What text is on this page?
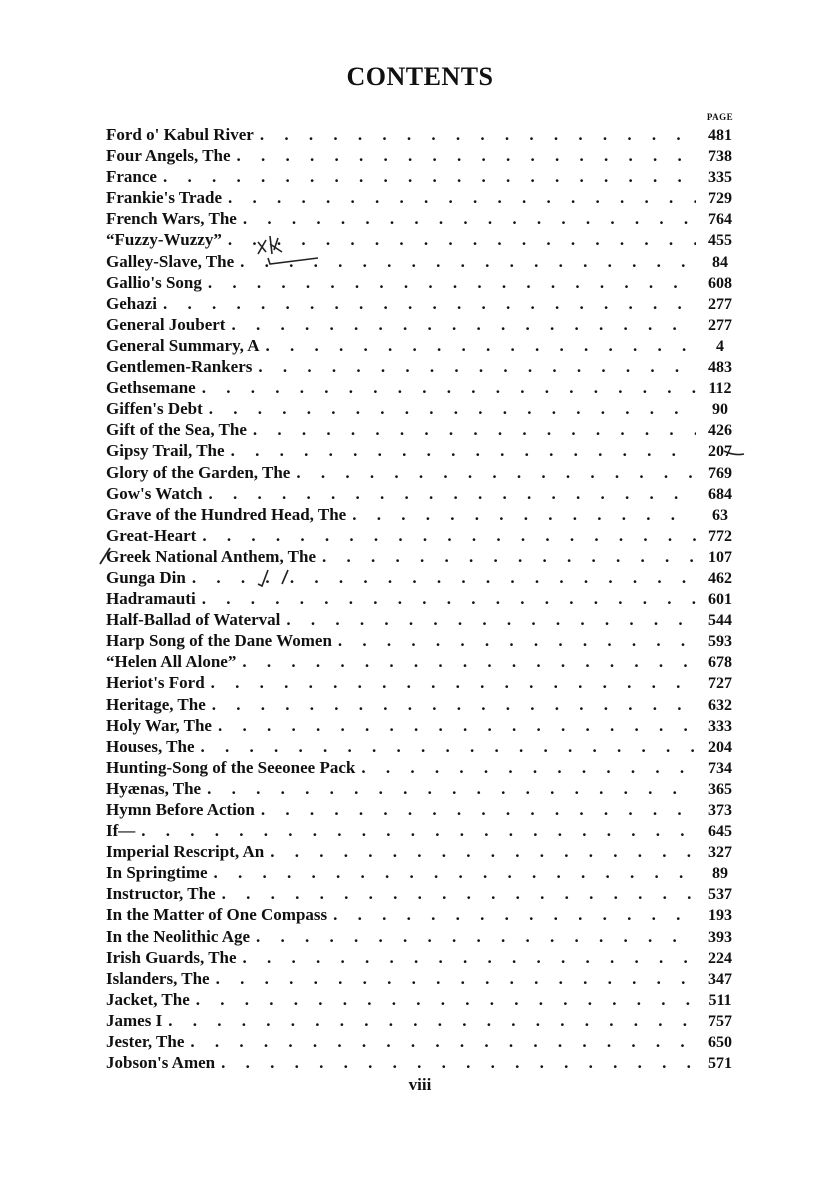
CONTENTS
PAGE
Ford o' Kabul River . . .	481
Four Angels, The . . .	738
France . . .	335
Frankie's Trade . . .	729
French Wars, The . . .	764
“Fuzzy-Wuzzy” . . .	455
Galley-Slave, The . . .	84
Gallio's Song . . .	608
Gehazi . . .	277
General Joubert . . .	277
General Summary, A . . .	4
Gentlemen-Rankers . . .	483
Gethsemane . . .	112
Giffen's Debt . . .	90
Gift of the Sea, The . . .	426
Gipsy Trail, The . . .	207
Glory of the Garden, The . . .	769
Gow's Watch . . .	684
Grave of the Hundred Head, The . . .	63
Great-Heart . . .	772
Greek National Anthem, The . . .	107
Gunga Din . . .	462
Hadramauti . . .	601
Half-Ballad of Waterval . . .	544
Harp Song of the Dane Women . . .	593
“Helen All Alone” . . .	678
Heriot's Ford . . .	727
Heritage, The . . .	632
Holy War, The . . .	333
Houses, The . . .	204
Hunting-Song of the Seeonee Pack . . .	734
Hyænas, The . . .	365
Hymn Before Action . . .	373
If— . . .	645
Imperial Rescript, An . . .	327
In Springtime . . .	89
Instructor, The . . .	537
In the Matter of One Compass . . .	193
In the Neolithic Age . . .	393
Irish Guards, The . . .	224
Islanders, The . . .	347
Jacket, The . . .	511
James I . . .	757
Jester, The . . .	650
Jobson's Amen . . .	571
viii
